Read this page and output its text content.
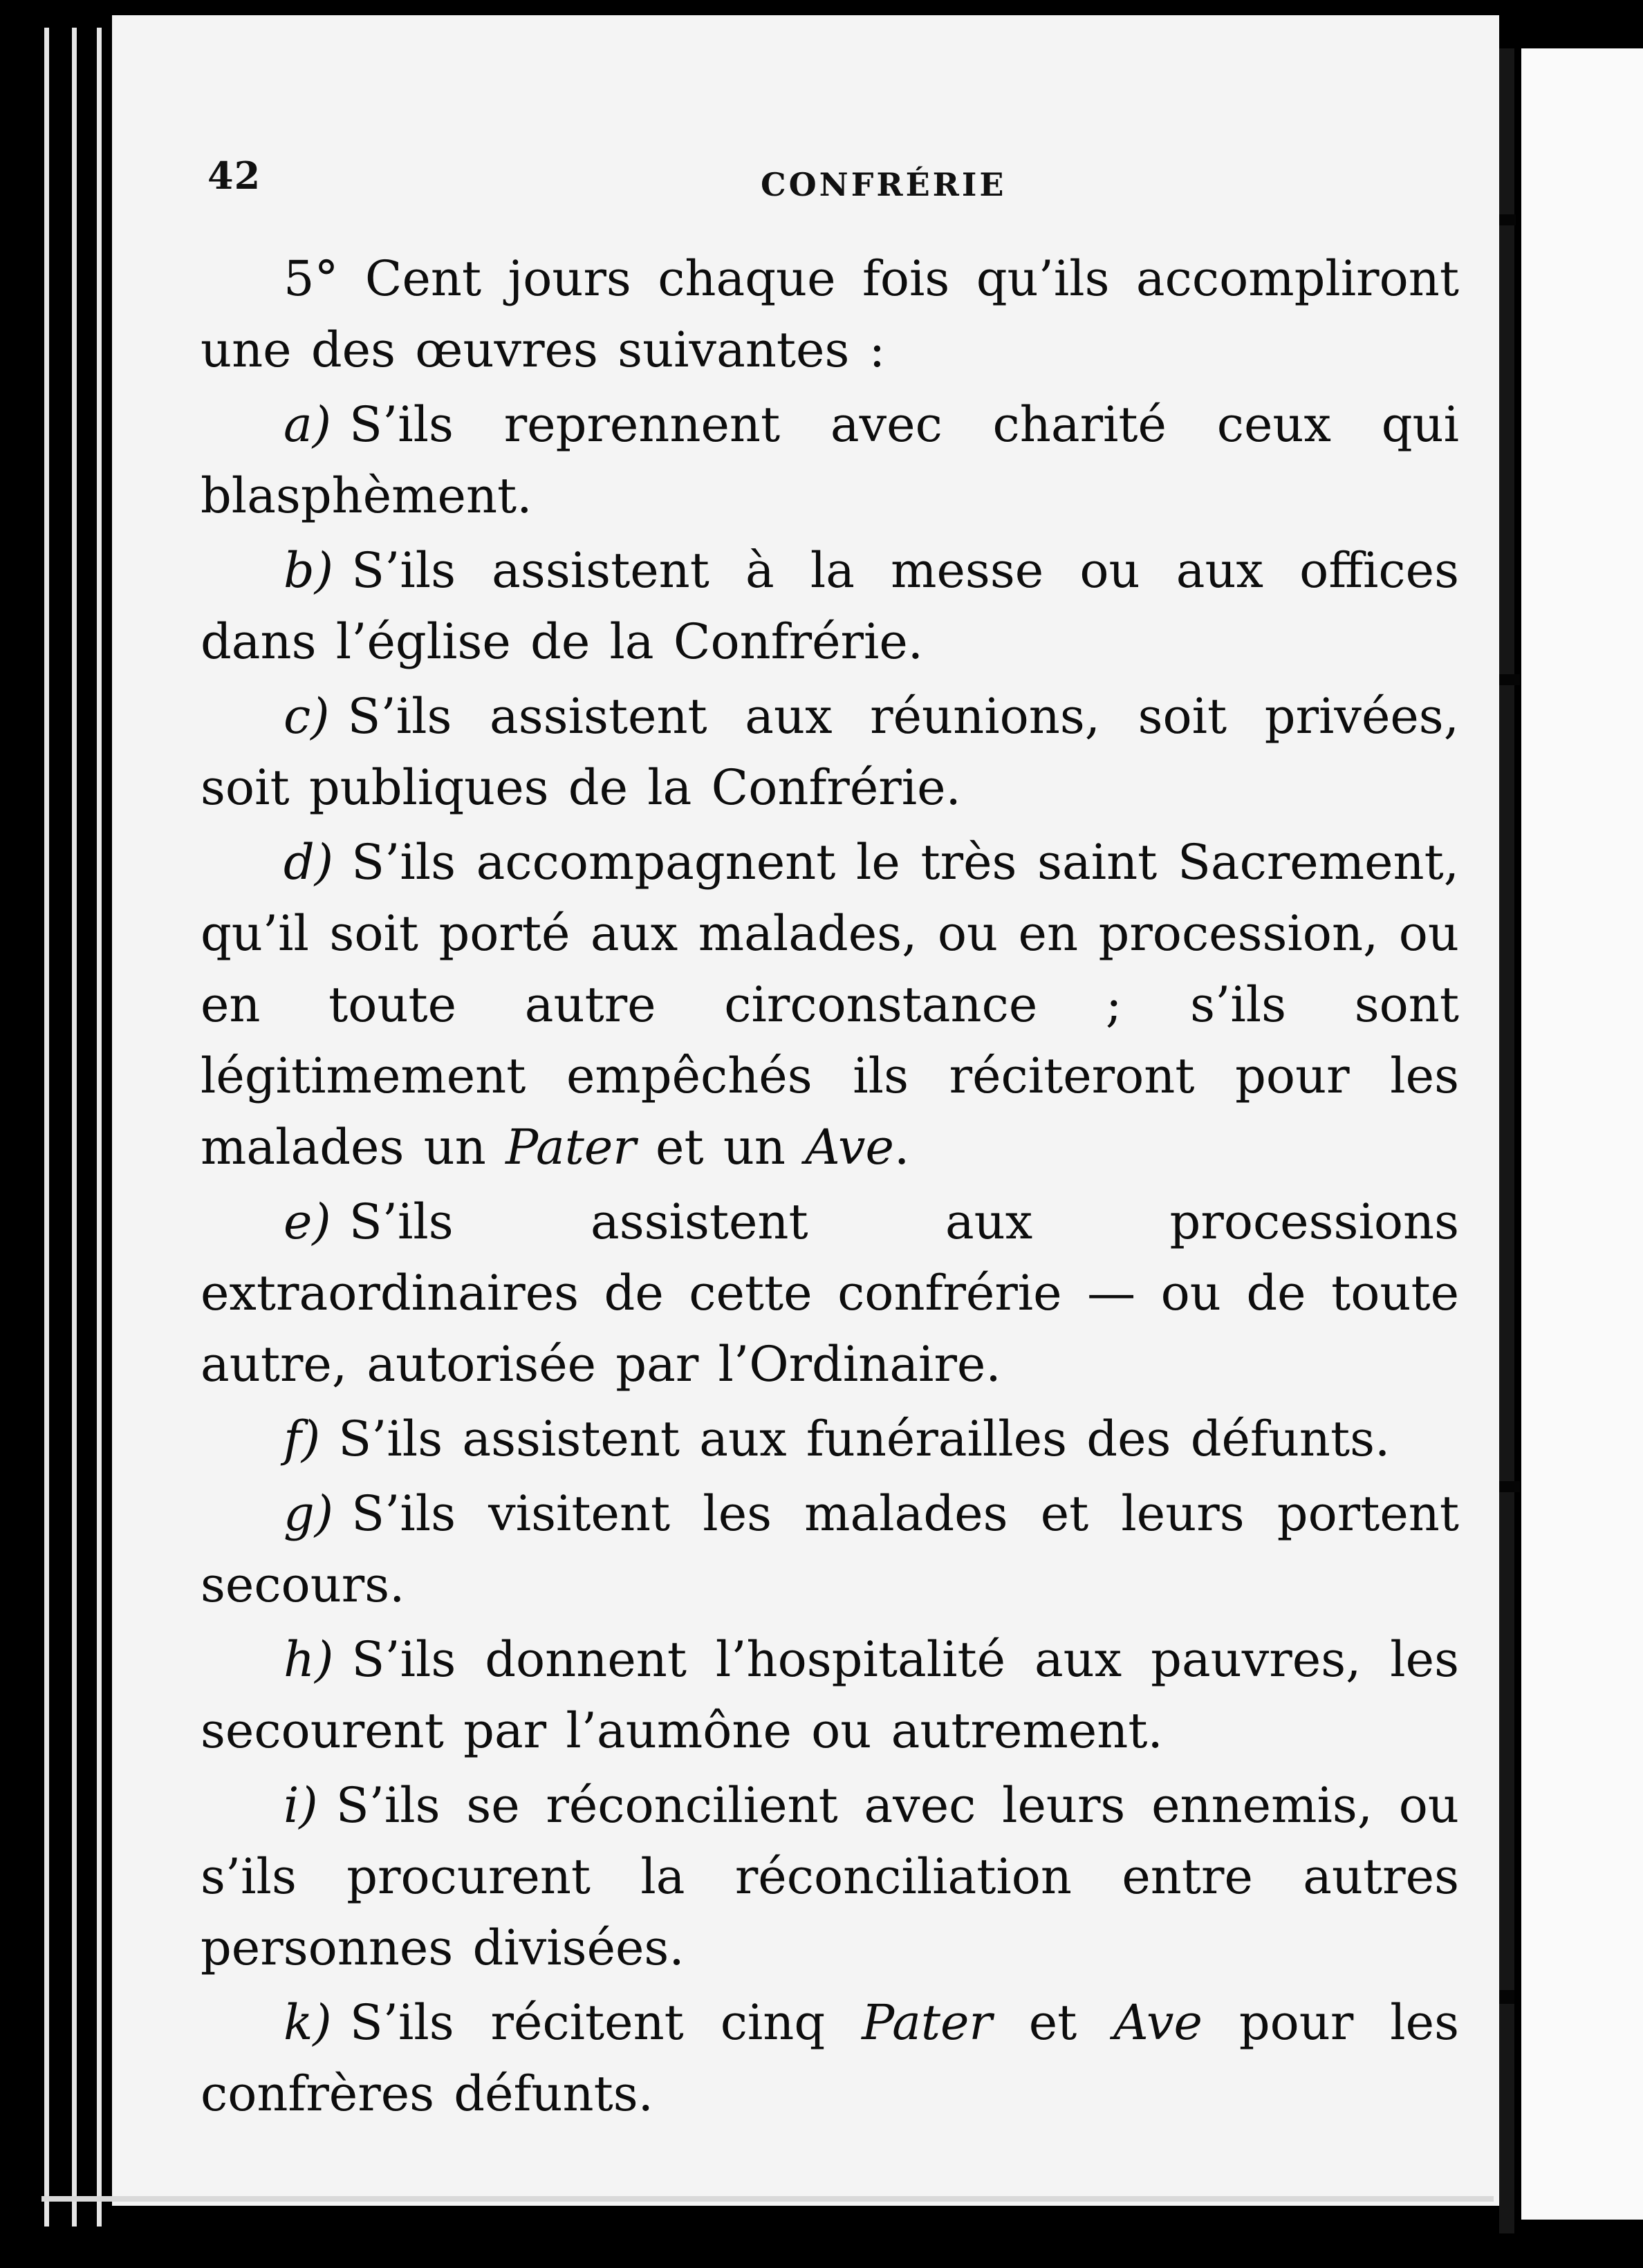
42	CONFRÉRIE

5° Cent jours chaque fois qu’ils accompliront une des œuvres suivantes :

a) S’ils reprennent avec charité ceux qui blasphèment.

b) S’ils assistent à la messe ou aux offices dans l’église de la Confrérie.

c) S’ils assistent aux réunions, soit privées, soit publiques de la Confrérie.

d) S’ils accompagnent le très saint Sacrement, qu’il soit porté aux malades, ou en procession, ou en toute autre circonstance ; s’ils sont légitimement empêchés ils réciteront pour les malades un Pater et un Ave.

e) S’ils assistent aux processions extraordinaires de cette confrérie — ou de toute autre, autorisée par l’Ordinaire.

f) S’ils assistent aux funérailles des défunts.

g) S’ils visitent les malades et leurs portent secours.

h) S’ils donnent l’hospitalité aux pauvres, les secourent par l’aumône ou autrement.

i) S’ils se réconcilient avec leurs ennemis, ou s’ils procurent la réconciliation entre autres personnes divisées.

k) S’ils récitent cinq Pater et Ave pour les confrères défunts.
